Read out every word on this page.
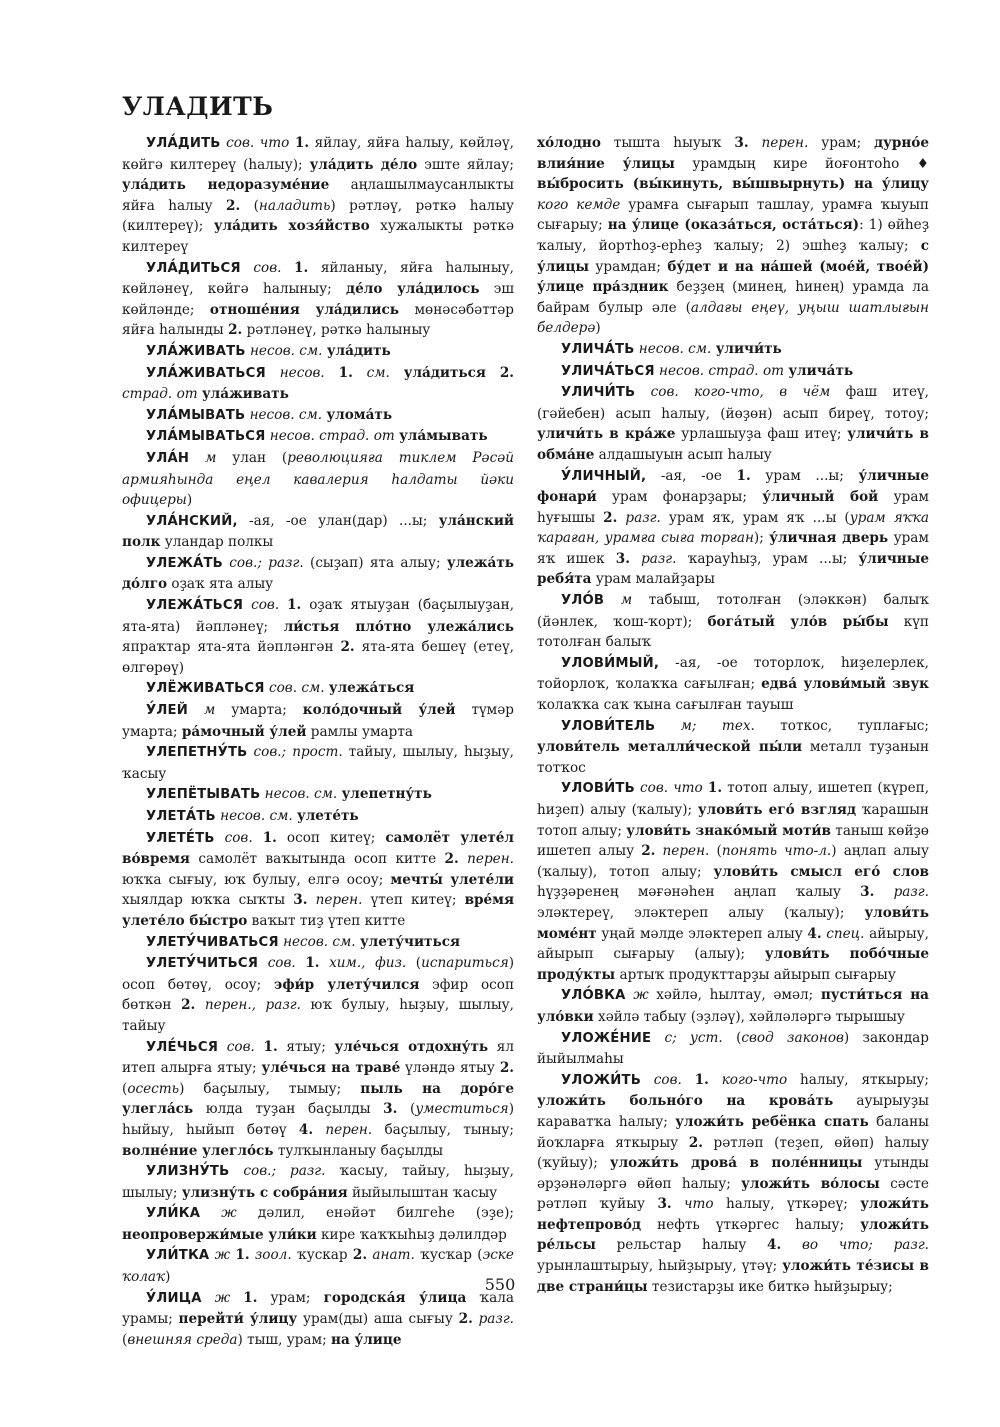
УЛАДИТЬ

УЛА́ДИТЬ сов. что 1. яйлау, яйға һалыу, көйләү, көйгә килтереү (һалыу); ула́дить де́ло эште яйлау; ула́дить недоразуме́ние аңлашылмаусанлыкты яйға һалыу 2. (наладить) рәтләү, рәткә һалыу (килтереү); ула́дить хозя́йство хужалыкты рәткә килтереү

УЛА́ДИТЬСЯ сов. 1. яйланыу, яйға һалыныу, көйләнеү, көйгә һалыныу; де́ло ула́дилось эш көйләнде; отноше́ния ула́дились мөнәсәбәттәр яйға һалынды 2. рәтләнеү, рәткә һалыныу

УЛА́ЖИВАТЬ несов. см. ула́дить

УЛА́ЖИВАТЬСЯ несов. 1. см. ула́диться 2. страд. от ула́живать

УЛА́МЫВАТЬ несов. см. улома́ть

УЛА́МЫВАТЬСЯ несов. страд. от ула́мывать

УЛА́Н м улан (революцияға тиклем Рәсәй армияһында еңел кавалерия һалдаты йәки офицеры)

УЛА́НСКИЙ, -ая, -ое улан(дар) ...ы; ула́нский полк уландар полкы

УЛЕЖА́ТЬ сов.; разг. (сыҙап) ята алыу; улежа́ть до́лго оҙаҡ ята алыу

УЛЕЖА́ТЬСЯ сов. 1. оҙаҡ ятыуҙан (баҫылыуҙан, ята-ята) йәпләнеү; ли́стья пло́тно улежа́лись япраҡтар ята-ята йәпләнгән 2. ята-ята бешеү (етеү, өлгөрөү)

УЛЁЖИВАТЬСЯ сов. см. улежа́ться

У́ЛЕЙ м умарта; коло́дочный у́лей түмәр умарта; ра́мочный у́лей рамлы умарта

УЛЕПЕТНУ́ТЬ сов.; прост. тайыу, шылыу, һыҙыу, ҡасыу

УЛЕПЁТЫВАТЬ несов. см. улепетну́ть

УЛЕТА́ТЬ несов. см. улете́ть

УЛЕТЕ́ТЬ сов. 1. осоп китеү; самолёт улете́л во́время самолёт ваҡытында осоп китте 2. перен. юҡҡа сығыу, юҡ булыу, елгә осоу; мечты́ улете́ли хыялдар юҡҡа сыҡты 3. перен. үтеп китеү; вре́мя улете́ло бы́стро ваҡыт тиҙ үтеп китте

УЛЕТУ́ЧИВАТЬСЯ несов. см. улету́читься

УЛЕТУ́ЧИТЬСЯ сов. 1. хим., физ. (испариться) осоп бөтөү, осоу; эфи́р улету́чился эфир осоп бөткән 2. перен., разг. юҡ булыу, һыҙыу, шылыу, тайыу

УЛЕ́ЧЬСЯ сов. 1. ятыу; уле́чься отдохну́ть ял итеп алырға ятыу; уле́чься на траве́ үләндә ятыу 2. (осесть) баҫылыу, тымыу; пыль на доро́ге улегла́сь юлда туҙан баҫылды 3. (уместиться) һыйыу, һыйып бөтөү 4. перен. баҫылыу, тыныу; волне́ние улегло́сь тулҡынланыу баҫылды

УЛИЗНУ́ТЬ сов.; разг. ҡасыу, тайыу, һыҙыу, шылыу; улизну́ть с собра́ния йыйылыштан ҡасыу

УЛИ́КА ж дәлил, енәйәт билгеһе (эҙе); неопровержи́мые ули́ки кире ҡаҡҡыһыҙ дәлилдәр

УЛИ́ТКА ж 1. зоол. ҡускар 2. анат. ҡусҡар (эске ҡолаҡ)

У́ЛИЦА ж 1. урам; городска́я у́лица ҡала урамы; перейти́ у́лицу урам(ды) аша сығыу 2. разг. (внешняя среда) тыш, урам; на у́лице

хо́лодно тышта һыуыҡ 3. перен. урам; дурно́е влия́ние у́лицы урамдың кире йоғонтоһо ♦ вы́бросить (вы́кинуть, вы́швырнуть) на у́лицу кого кемде урамға сығарып ташлау, урамға ҡыуып сығарыу; на у́лице (оказа́ться, оста́ться): 1) өйһеҙ ҡалыу, йортһоҙ-ерһеҙ ҡалыу; 2) эшһеҙ ҡалыу; с у́лицы урамдан; бу́дет и на на́шей (мое́й, твое́й) у́лице пра́здник беҙҙең (минең, һинең) урамда ла байрам булыр әле (алдағы еңеү, уңыш шатлығын белдерә)

УЛИЧА́ТЬ несов. см. уличи́ть

УЛИЧА́ТЬСЯ несов. страд. от улича́ть

УЛИЧИ́ТЬ сов. кого-что, в чём фаш итеү, (гәйебен) асып һалыу, (йөҙөн) асып биреү, тотоу; уличи́ть в кра́же урлашыуҙа фаш итеү; уличи́ть в обма́не алдашыуын асып һалыу

У́ЛИЧНЫЙ, -ая, -ое 1. урам ...ы; у́личные фонари́ урам фонарҙары; у́личный бой урам һуғышы 2. разг. урам яҡ, урам яҡ ...ы (урам яҡҡа ҡараған, урамға сыға торған); у́личная дверь урам яҡ ишек 3. разг. ҡарауһыҙ, урам ...ы; у́личные ребя́та урам малайҙары

УЛО́В м табыш, тотолған (эләккән) балыҡ (йәнлек, ҡош-ҡорт); бога́тый уло́в ры́бы күп тотолған балыҡ

УЛОВИ́МЫЙ, -ая, -ое тоторлоҡ, һиҙелерлек, тойорлоҡ, ҡолаҡҡа сағылған; едва́ улови́мый звук ҡолаҡҡа саҡ ҡына сағылған тауыш

УЛОВИ́ТЕЛЬ м; тех. тоткос, туплағыс; улови́тель металли́ческой пы́ли металл туҙанын тотҡос

УЛОВИ́ТЬ сов. что 1. тотоп алыу, ишетеп (күреп, һиҙеп) алыу (ҡалыу); улови́ть его́ взгляд ҡарашын тотоп алыу; улови́ть знако́мый моти́в таныш көйҙө ишетеп алыу 2. перен. (понять что-л.) аңлап алыу (ҡалыу), тотоп алыу; улови́ть смысл его́ слов һүҙҙәренең мәғәнәһен аңлап ҡалыу 3. разг. эләктереү, эләктереп алыу (ҡалыу); улови́ть моме́нт уңай мәлде эләктереп алыу 4. спец. айырыу, айырып сығарыу (алыу); улови́ть побо́чные проду́кты артыҡ продукттарҙы айырып сығарыу

УЛО́ВКА ж хәйлә, һылтау, әмәл; пусти́ться на уло́вки хәйлә табыу (эҙләү), хәйләләргә тырышыу

УЛОЖЕ́НИЕ с; уст. (свод законов) закондар йыйылмаһы

УЛОЖИ́ТЬ сов. 1. кого-что һалыу, яткырыу; уложи́ть больно́го на крова́ть ауырыуҙы караватҡа һалыу; уложи́ть ребёнка спать баланы йоҡларға яткырыу 2. рәтләп (теҙеп, өйөп) һалыу (ҡуйыу); уложи́ть дрова́ в поле́нницы утынды әрҙәнәләргә өйөп һалыу; уложи́ть во́лосы сәсте рәтләп ҡуйыу 3. что һалыу, үткәреү; уложи́ть нефтепрово́д нефть үткәргес һалыу; уложи́ть ре́льсы рельстар һалыу 4. во что; разг. урынлаштырыу, һыйҙырыу, үтәү; уложи́ть те́зисы в две страни́цы тезистарҙы ике биткә һыйҙырыу;

550
